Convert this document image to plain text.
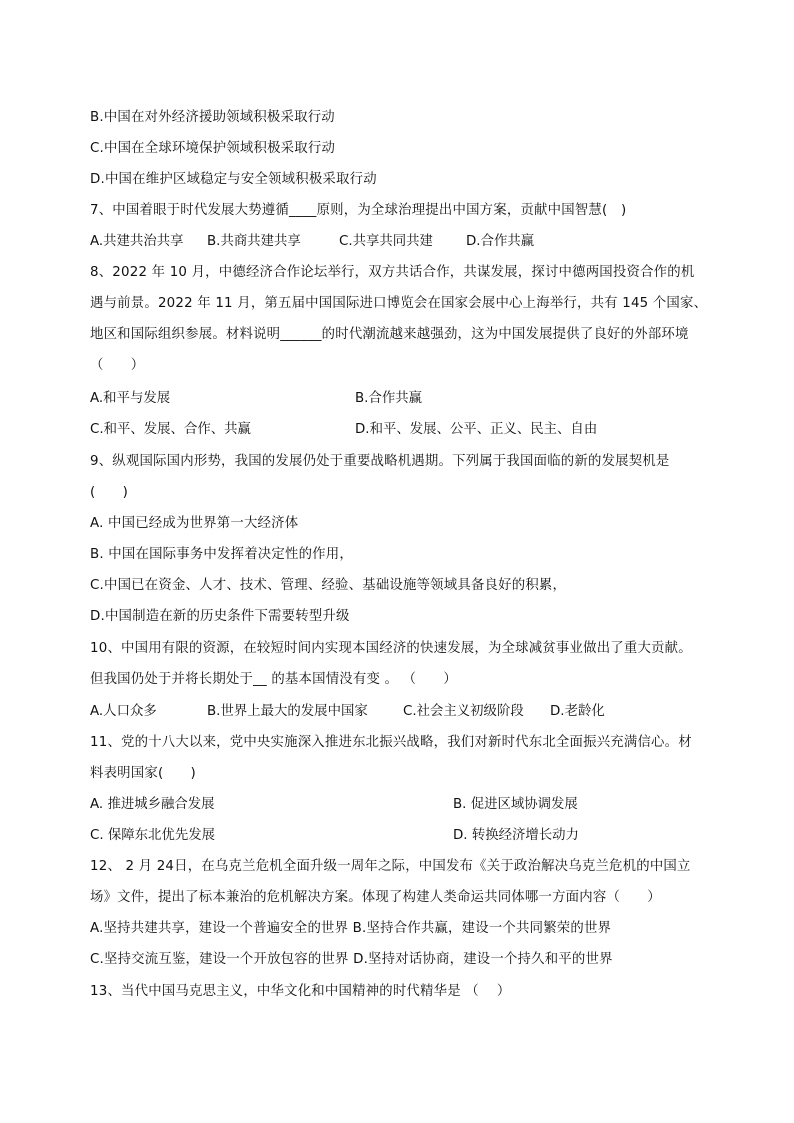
B.中国在对外经济援助领域积极采取行动
C.中国在全球环境保护领域积极采取行动
D.中国在维护区域稳定与安全领域积极采取行动
7、中国着眼于时代发展大势遵循____原则，为全球治理提出中国方案，贡献中国智慧(　)
A.共建共治共享 B.共商共建共享	C.共享共同共建 D.合作共赢
8、2022 年 10 月，中德经济合作论坛举行，双方共话合作，共谋发展，探讨中德两国投资合作的机
遇与前景。2022 年 11 月，第五届中国国际进口博览会在国家会展中心上海举行，共有 145 个国家、
地区和国际组织参展。材料说明______的时代潮流越来越强劲，这为中国发展提供了良好的外部环境
（　　）
A.和平与发展	B.合作共赢
C.和平、发展、合作、共赢	D.和平、发展、公平、正义、民主、自由
9、纵观国际国内形势，我国的发展仍处于重要战略机遇期。下列属于我国面临的新的发展契机是
(　　)
A. 中国已经成为世界第一大经济体
B. 中国在国际事务中发挥着决定性的作用，
C.中国已在资金、人才、技术、管理、经验、基础设施等领域具备良好的积累，
D.中国制造在新的历史条件下需要转型升级
10、中国用有限的资源，在较短时间内实现本国经济的快速发展，为全球减贫事业做出了重大贡献。
但我国仍处于并将长期处于__ 的基本国情没有变 。 （　　）
A.人口众多	B.世界上最大的发展中国家	C.社会主义初级阶段 D.老龄化
11、党的十八大以来，党中央实施深入推进东北振兴战略，我们对新时代东北全面振兴充满信心。材
料表明国家(　　)
A. 推进城乡融合发展	B. 促进区域协调发展
C. 保障东北优先发展	D. 转换经济增长动力
12、 2 月 24日，在乌克兰危机全面升级一周年之际，中国发布《关于政治解决乌克兰危机的中国立
场》文件，提出了标本兼治的危机解决方案。体现了构建人类命运共同体哪一方面内容（　　）
A.坚持共建共享，建设一个普遍安全的世界 B.坚持合作共赢，建设一个共同繁荣的世界
C.坚持交流互鉴，建设一个开放包容的世界 D.坚持对话协商，建设一个持久和平的世界
13、当代中国马克思主义，中华文化和中国精神的时代精华是 （　 ）
